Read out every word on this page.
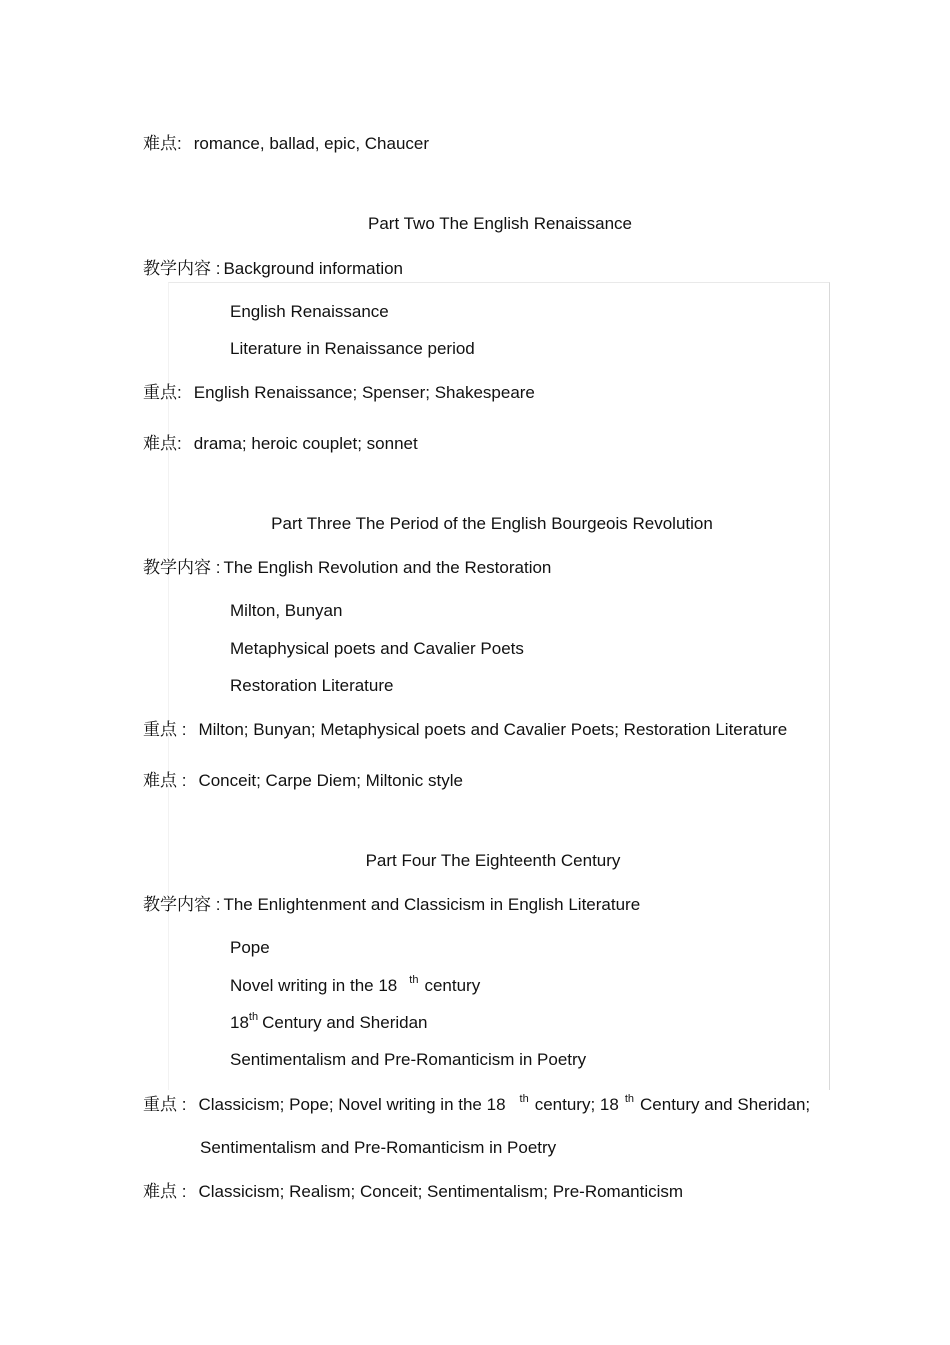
难点: romance, ballad, epic, Chaucer
Part Two The English Renaissance
教学内容 : Background information
English Renaissance
Literature in Renaissance period
重点: English Renaissance; Spenser; Shakespeare
难点: drama; heroic couplet; sonnet
Part Three The Period of the English Bourgeois Revolution
教学内容 : The English Revolution and the Restoration
Milton, Bunyan
Metaphysical poets and Cavalier Poets
Restoration Literature
重点 : Milton; Bunyan; Metaphysical poets and Cavalier Poets; Restoration Literature
难点 : Conceit; Carpe Diem; Miltonic style
Part Four The Eighteenth Century
教学内容 : The Enlightenment and Classicism in English Literature
Pope
Novel writing in the 18 $^{th}$ century
18th Century and Sheridan
Sentimentalism and Pre-Romanticism in Poetry
重点 : Classicism; Pope; Novel writing in the 18 $^{th}$ century; 18 $^{th}$ Century and Sheridan;
Sentimentalism and Pre-Romanticism in Poetry
难点 : Classicism; Realism; Conceit; Sentimentalism; Pre-Romanticism
